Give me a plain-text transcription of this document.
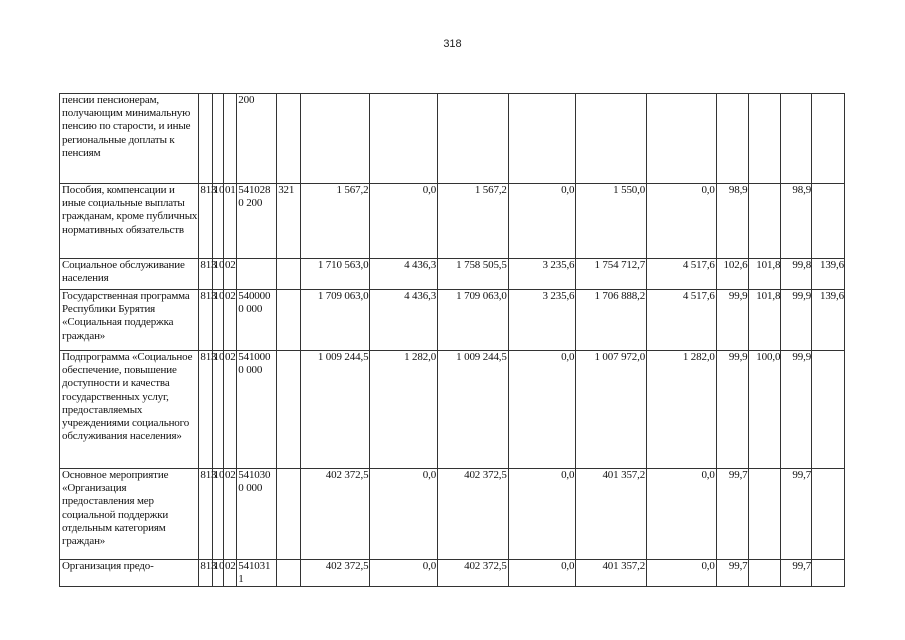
318
пенсии пенсионерам, получающим минимальную пенсию по старости, и иные региональные доплаты к пенсиям				200											
Пособия, компенсации и иные социальные выплаты гражданам, кроме публичных нормативных обязательств	813	10	01	5410280 200	321	1 567,2	0,0	1 567,2	0,0	1 550,0	0,0	98,9		98,9	
Социальное обслуживание населения	813	10	02			1 710 563,0	4 436,3	1 758 505,5	3 235,6	1 754 712,7	4 517,6	102,6	101,8	99,8	139,6
Государственная программа Республики Бурятия «Социальная поддержка граждан»	813	10	02	5400000 000		1 709 063,0	4 436,3	1 709 063,0	3 235,6	1 706 888,2	4 517,6	99,9	101,8	99,9	139,6
Подпрограмма «Социальное обеспечение, повышение доступности и качества государственных услуг, предоставляемых учреждениями социального обслуживания населения»	813	10	02	5410000 000		1 009 244,5	1 282,0	1 009 244,5	0,0	1 007 972,0	1 282,0	99,9	100,0	99,9	
Основное мероприятие «Организация предоставления мер социальной поддержки отдельным категориям граждан»	813	10	02	5410300 000		402 372,5	0,0	402 372,5	0,0	401 357,2	0,0	99,7		99,7	
Организация предо-	813	10	02	5410311		402 372,5	0,0	402 372,5	0,0	401 357,2	0,0	99,7		99,7	
